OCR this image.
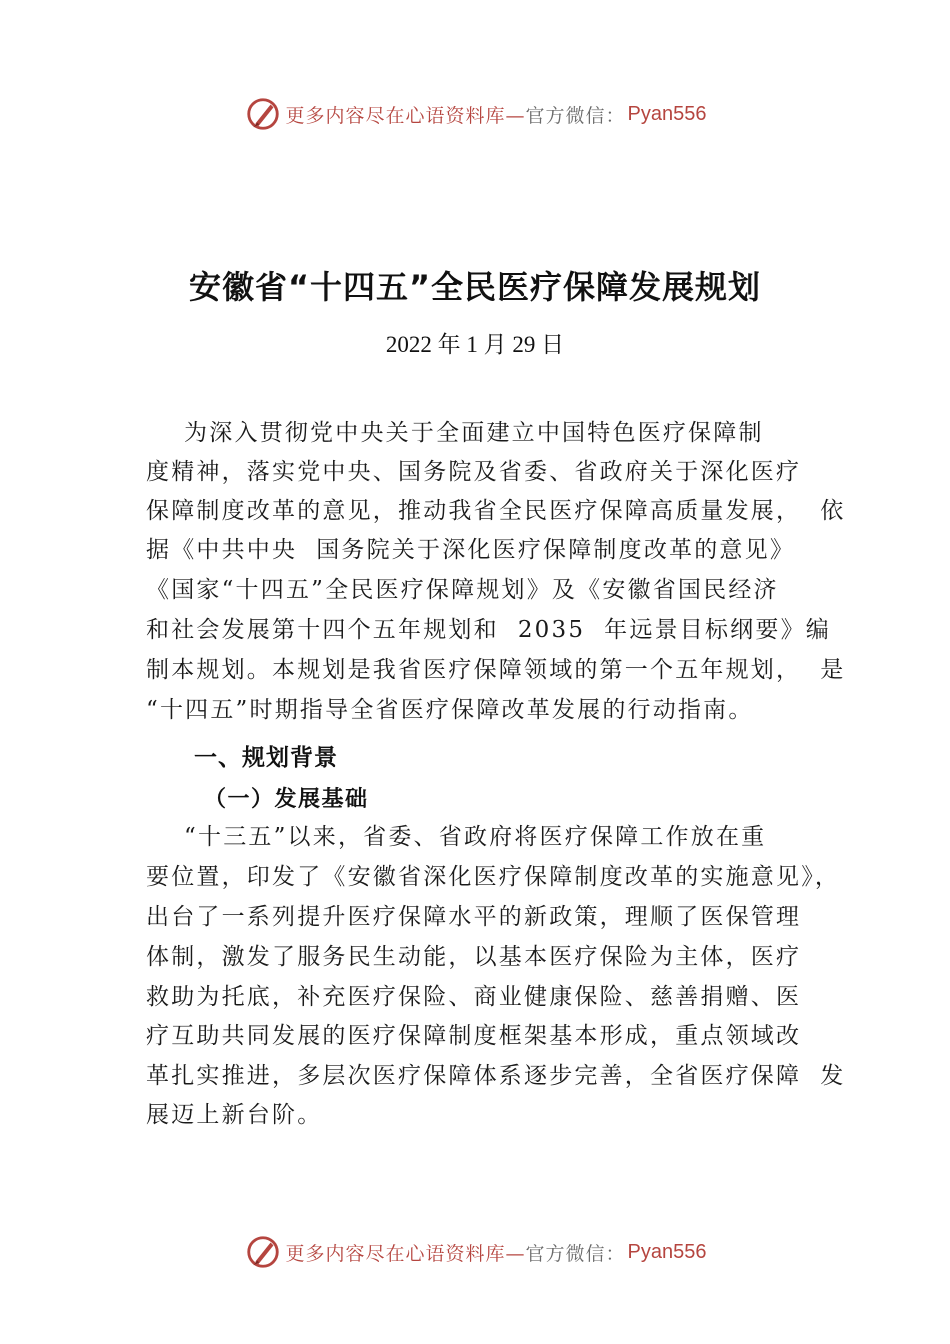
更多内容尽在心语资料库— 官方微信： Pyan556
安徽省“十四五”全民医疗保障发展规划
2022 年 1 月 29 日
为深入贯彻党中央关于全面建立中国特色医疗保障制
度精神，落实党中央、国务院及省委、省政府关于深化医疗
保障制度改革的意见，推动我省全民医疗保障高质量发展，  依
据《中共中央  国务院关于深化医疗保障制度改革的意见》
《国家“十四五”全民医疗保障规划》及《安徽省国民经济
和社会发展第十四个五年规划和  2035  年远景目标纲要》编
制本规划。本规划是我省医疗保障领域的第一个五年规划，  是
“十四五”时期指导全省医疗保障改革发展的行动指南。
一、规划背景
（一）发展基础
“十三五”以来，省委、省政府将医疗保障工作放在重
要位置，印发了《安徽省深化医疗保障制度改革的实施意见》，
出台了一系列提升医疗保障水平的新政策，理顺了医保管理
体制，激发了服务民生动能，以基本医疗保险为主体，医疗
救助为托底，补充医疗保险、商业健康保险、慈善捐赠、医
疗互助共同发展的医疗保障制度框架基本形成，重点领域改
革扎实推进，多层次医疗保障体系逐步完善，全省医疗保障  发
展迈上新台阶。
更多内容尽在心语资料库— 官方微信： Pyan556
